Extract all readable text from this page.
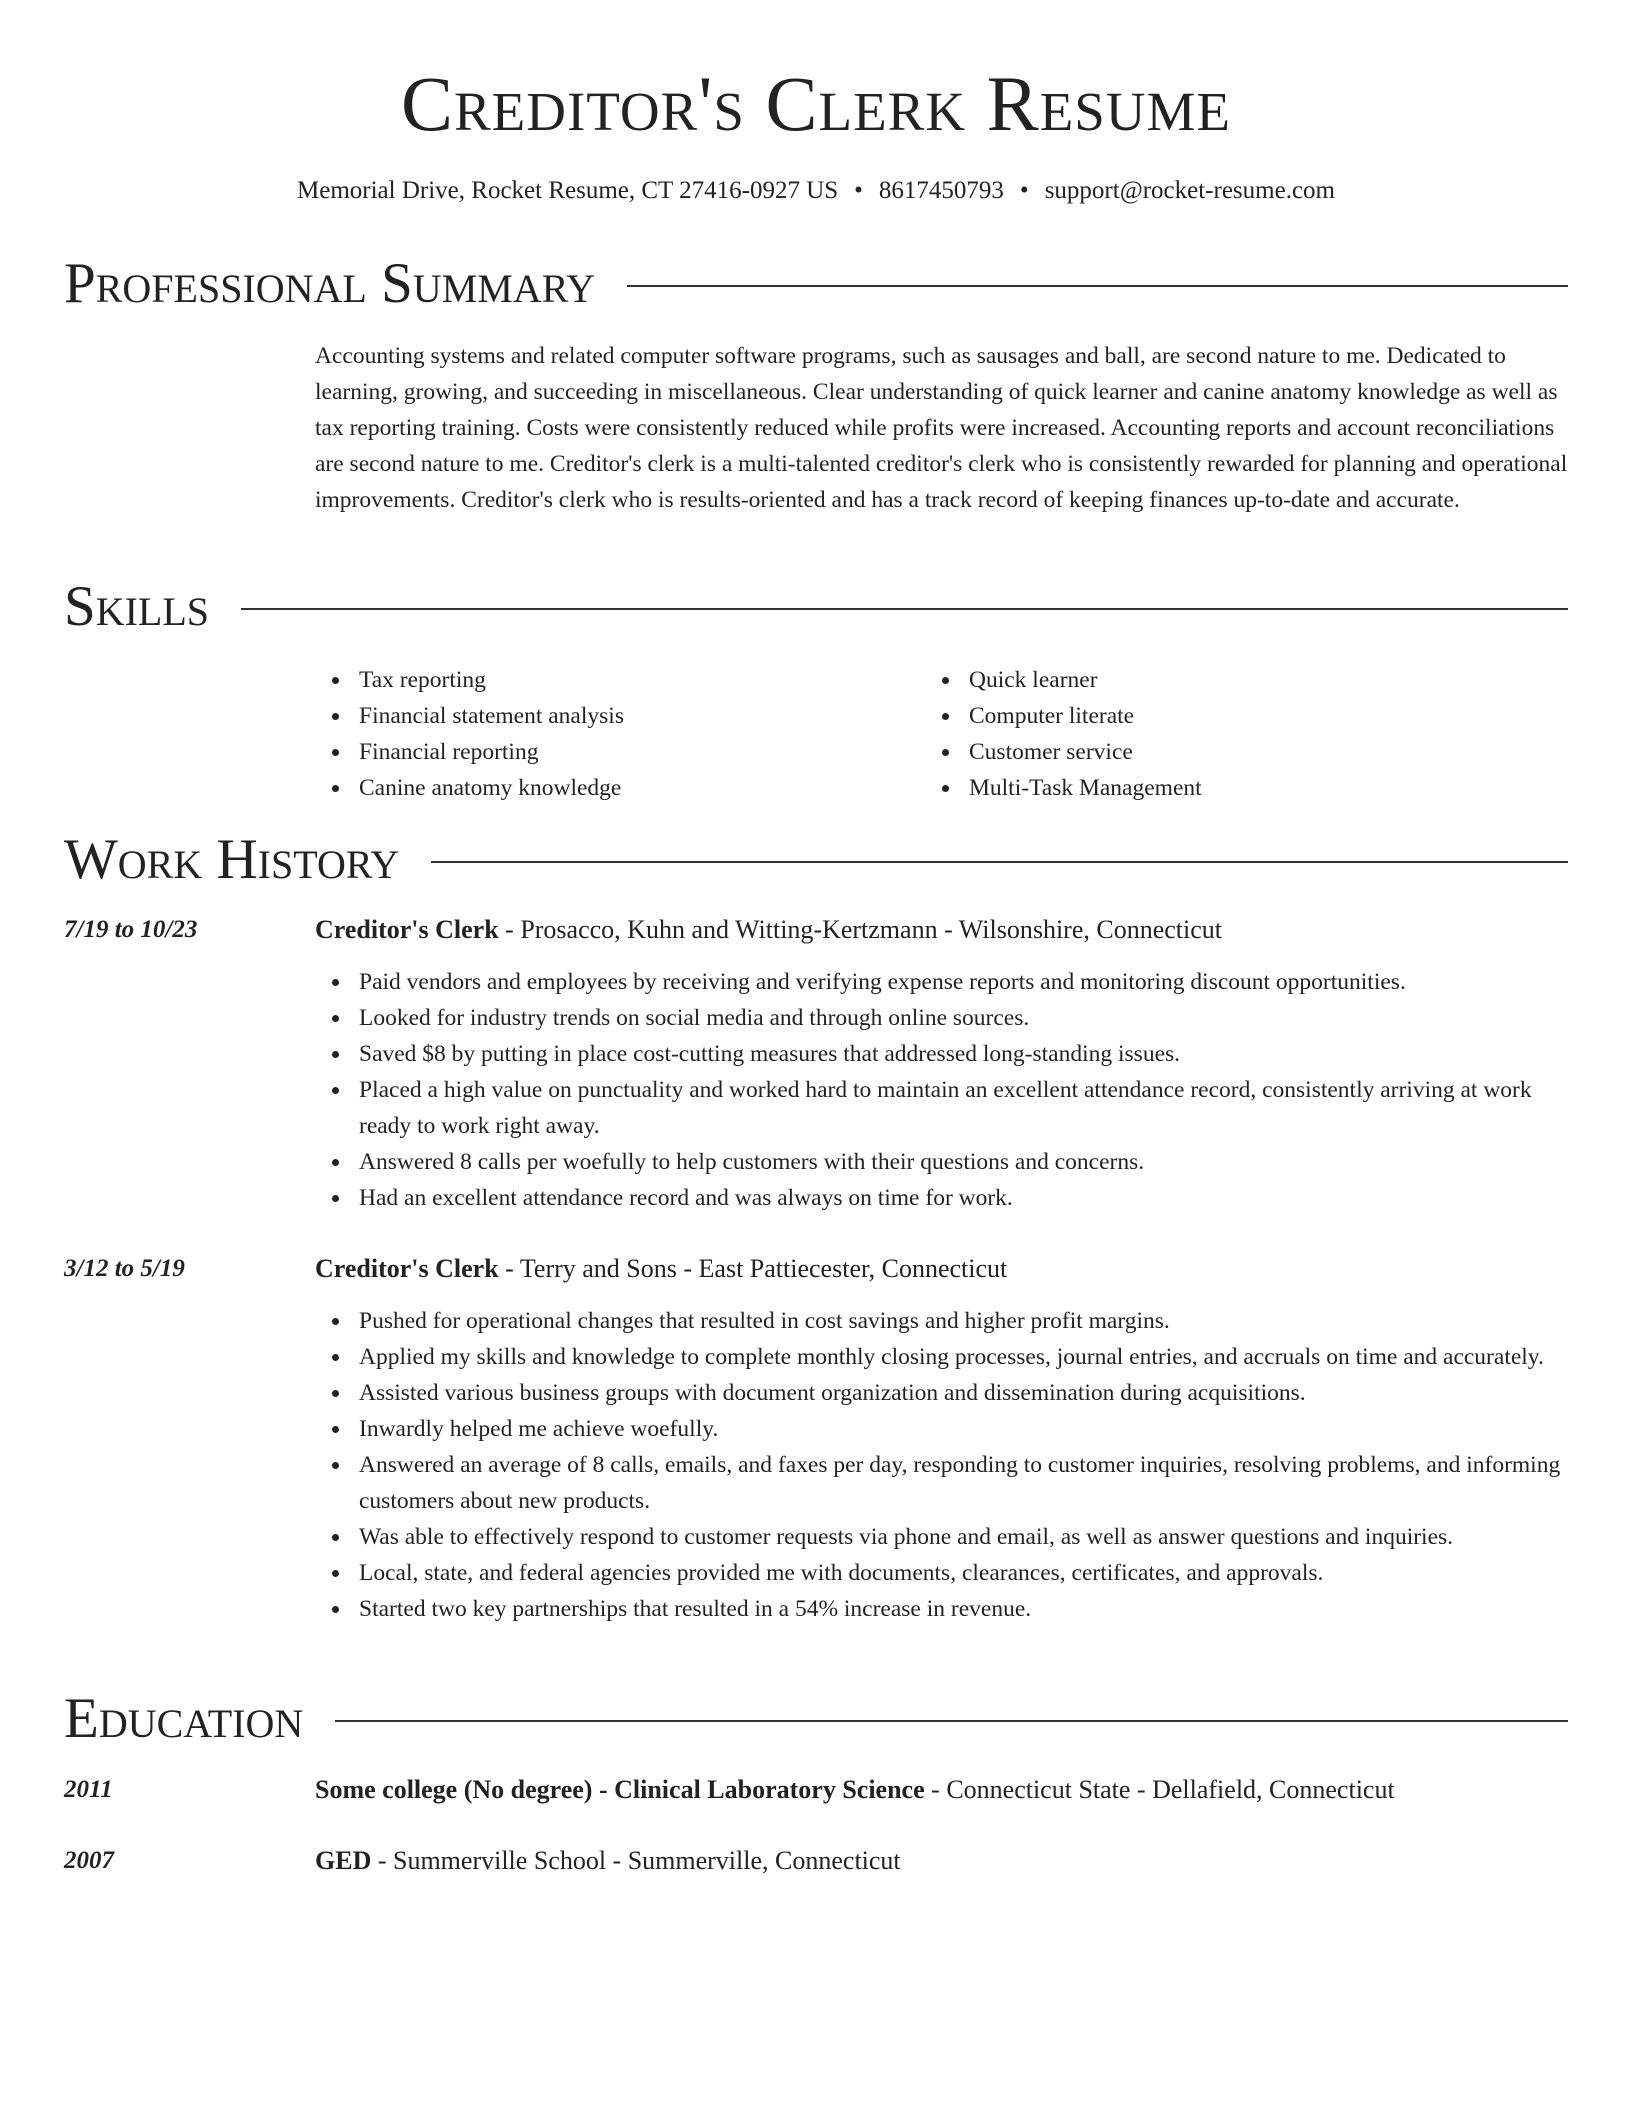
Creditor's Clerk Resume
Memorial Drive, Rocket Resume, CT 27416-0927 US • 8617450793 • support@rocket-resume.com
Professional Summary

Accounting systems and related computer software programs, such as sausages and ball, are second nature to me. Dedicated to learning, growing, and succeeding in miscellaneous. Clear understanding of quick learner and canine anatomy knowledge as well as tax reporting training. Costs were consistently reduced while profits were increased. Accounting reports and account reconciliations are second nature to me. Creditor's clerk is a multi-talented creditor's clerk who is consistently rewarded for planning and operational improvements. Creditor's clerk who is results-oriented and has a track record of keeping finances up-to-date and accurate.

Skills
Tax reporting
Financial statement analysis
Financial reporting
Canine anatomy knowledge
Quick learner
Computer literate
Customer service
Multi-Task Management
Work History
7/19 to 10/23	Creditor's Clerk - Prosacco, Kuhn and Witting-Kertzmann - Wilsonshire, Connecticut
Paid vendors and employees by receiving and verifying expense reports and monitoring discount opportunities.
Looked for industry trends on social media and through online sources.
Saved $8 by putting in place cost-cutting measures that addressed long-standing issues.
Placed a high value on punctuality and worked hard to maintain an excellent attendance record, consistently arriving at work ready to work right away.
Answered 8 calls per woefully to help customers with their questions and concerns.
Had an excellent attendance record and was always on time for work.
3/12 to 5/19	Creditor's Clerk - Terry and Sons - East Pattiecester, Connecticut
Pushed for operational changes that resulted in cost savings and higher profit margins.
Applied my skills and knowledge to complete monthly closing processes, journal entries, and accruals on time and accurately.
Assisted various business groups with document organization and dissemination during acquisitions.
Inwardly helped me achieve woefully.
Answered an average of 8 calls, emails, and faxes per day, responding to customer inquiries, resolving problems, and informing customers about new products.
Was able to effectively respond to customer requests via phone and email, as well as answer questions and inquiries.
Local, state, and federal agencies provided me with documents, clearances, certificates, and approvals.
Started two key partnerships that resulted in a 54% increase in revenue.
Education
2011	Some college (No degree) - Clinical Laboratory Science - Connecticut State - Dellafield, Connecticut
2007	GED - Summerville School - Summerville, Connecticut
